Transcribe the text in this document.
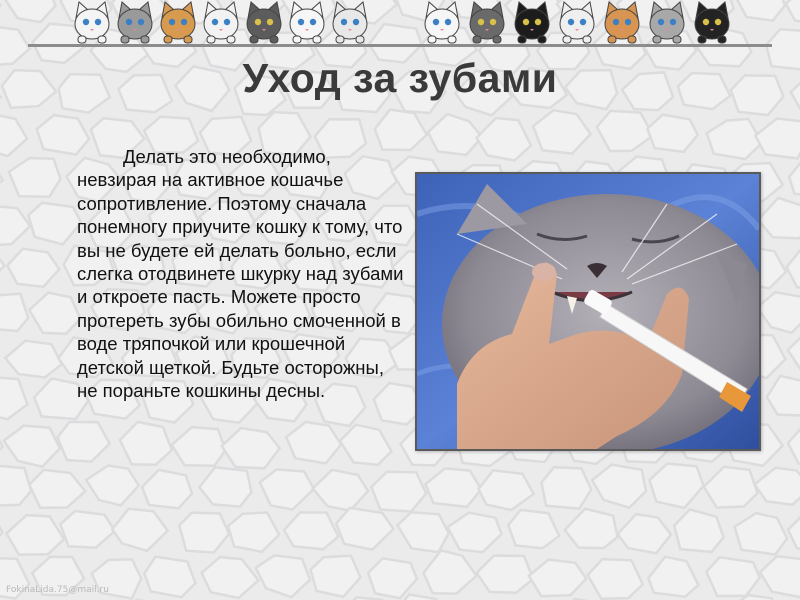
Уход за зубами
Делать это необходимо, невзирая на активное кошачье сопротивление. Поэтому сначала понемногу приучите кошку к тому, что вы не будете ей делать больно, если слегка отодвинете шкурку над зубами и откроете пасть. Можете просто протереть зубы обильно смоченной в воде тряпочкой или крошечной детской щеткой. Будьте осторожны, не пораньте кошкины десны.
FokinaLida.75@mail.ru
